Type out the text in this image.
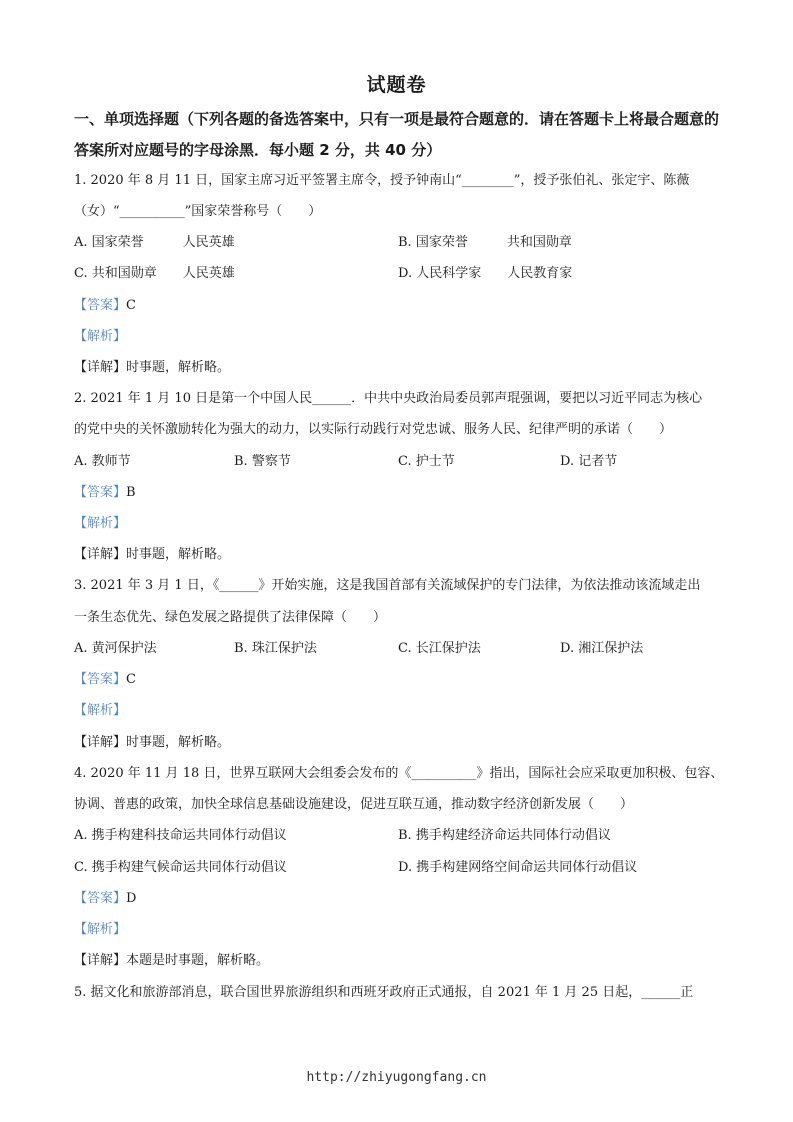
试题卷
一、单项选择题（下列各题的备选答案中，只有一项是最符合题意的．请在答题卡上将最合题意的答案所对应题号的字母涂黑．每小题 2 分，共 40 分）
1. 2020 年 8 月 11 日，国家主席习近平签署主席令，授予钟南山“________”，授予张伯礼、张定宇、陈薇
（女）“__________”国家荣誉称号（　　）
A. 国家荣誉　　　人民英雄	B. 国家荣誉　　　共和国勋章
C. 共和国勋章　　人民英雄	D. 人民科学家　　人民教育家
【答案】C
【解析】
【详解】时事题，解析略。
2. 2021 年 1 月 10 日是第一个中国人民______．中共中央政治局委员郭声琨强调，要把以习近平同志为核心
的党中央的关怀激励转化为强大的动力，以实际行动践行对党忠诚、服务人民、纪律严明的承诺（　　）
A. 教师节	B. 警察节	C. 护士节	D. 记者节
【答案】B
【解析】
【详解】时事题，解析略。
3. 2021 年 3 月 1 日，《______》开始实施，这是我国首部有关流域保护的专门法律，为依法推动该流域走出
一条生态优先、绿色发展之路提供了法律保障（　　）
A. 黄河保护法	B. 珠江保护法	C. 长江保护法	D. 湘江保护法
【答案】C
【解析】
【详解】时事题，解析略。
4. 2020 年 11 月 18 日，世界互联网大会组委会发布的《__________》指出，国际社会应采取更加积极、包容、
协调、普惠的政策，加快全球信息基础设施建设，促进互联互通，推动数字经济创新发展（　　）
A. 携手构建科技命运共同体行动倡议	B. 携手构建经济命运共同体行动倡议
C. 携手构建气候命运共同体行动倡议	D. 携手构建网络空间命运共同体行动倡议
【答案】D
【解析】
【详解】本题是时事题，解析略。
5. 据文化和旅游部消息，联合国世界旅游组织和西班牙政府正式通报，自 2021 年 1 月 25 日起，______正
http://zhiyugongfang.cn
